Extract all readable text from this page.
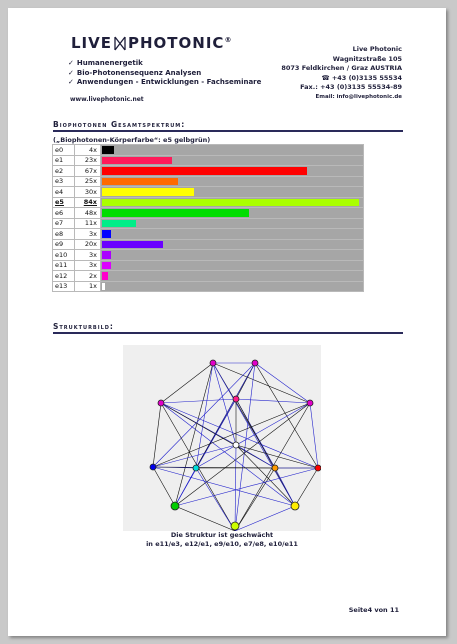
LIVE PHOTONIC®
✓ Humanenergetik
✓ Bio-Photonensequenz Analysen
✓ Anwendungen - Entwicklungen - Fachseminare
www.livephotonic.net
Live Photonic
Wagnitzstraße 105
8073 Feldkirchen / Graz AUSTRIA
☎ +43 (0)3135 55534
Fax.: +43 (0)3135 55534-89
Email: info@livephotonic.de
Biophotonen Gesamtspektrum:
(„Biophotonen-Körperfarbe“: e5 gelbgrün)
e0	4x	

e1	23x	

e2	67x	

e3	25x	

e4	30x	

e5	84x	

e6	48x	

e7	11x	

e8	3x	

e9	20x	

e10	3x	

e11	3x	

e12	2x	

e13	1x	
Strukturbild:
Die Struktur ist geschwächt
in e11/e3, e12/e1, e9/e10, e7/e8, e10/e11
Seite4 von 11
